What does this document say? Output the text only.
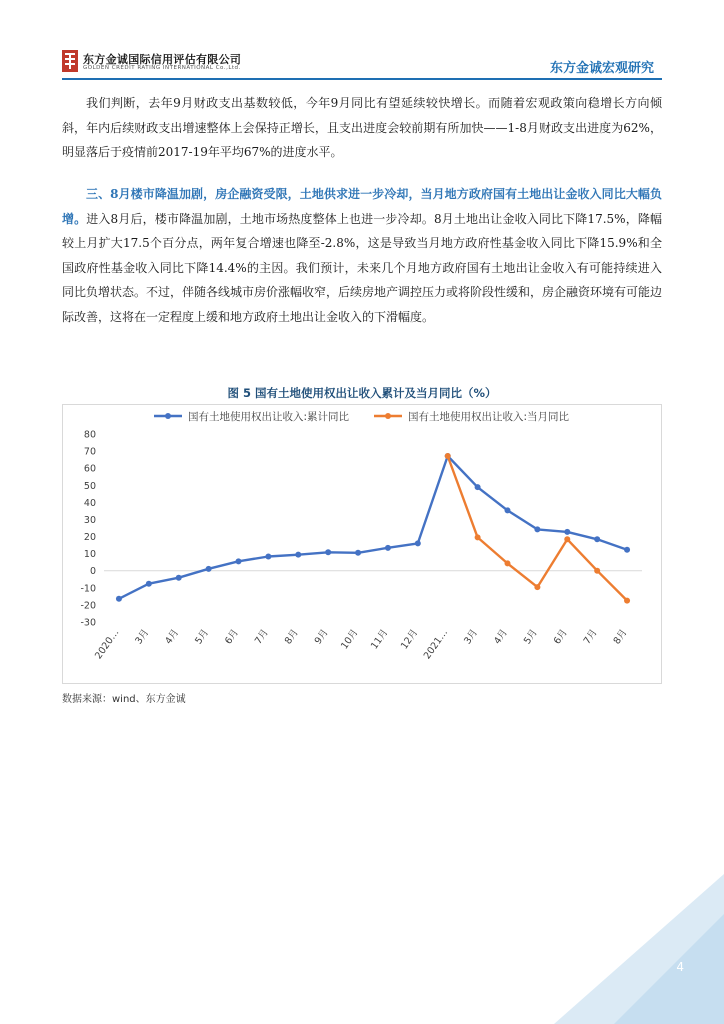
东方金诚国际信用评估有限公司
GOLDEN CREDIT RATING INTERNATIONAL Co.,Ltd.	东方金诚宏观研究
我们判断，去年9月财政支出基数较低，今年9月同比有望延续较快增长。而随着宏观政策向稳增长方向倾斜，年内后续财政支出增速整体上会保持正增长，且支出进度会较前期有所加快——1-8月财政支出进度为62%，明显落后于疫情前2017-19年平均67%的进度水平。
三、8月楼市降温加剧，房企融资受限，土地供求进一步冷却，当月地方政府国有土地出让金收入同比大幅负增。进入8月后，楼市降温加剧，土地市场热度整体上也进一步冷却。8月土地出让金收入同比下降17.5%，降幅较上月扩大17.5个百分点，两年复合增速也降至-2.8%，这是导致当月地方政府性基金收入同比下降15.9%和全国政府性基金收入同比下降14.4%的主因。我们预计，未来几个月地方政府国有土地出让金收入有可能持续进入同比负增状态。不过，伴随各线城市房价涨幅收窄，后续房地产调控压力或将阶段性缓和，房企融资环境有可能边际改善，这将在一定程度上缓和地方政府土地出让金收入的下滑幅度。
图 5 国有土地使用权出让收入累计及当月同比（%）
国有土地使用权出让收入:累计同比	国有土地使用权出让收入:当月同比
80
70
60
50
40
30
20
10
0
-10
-20
-30
2020… 3月 4月 5月 6月 7月 8月 9月 10月 11月 12月 2021… 3月 4月 5月 6月 7月 8月
数据来源：wind、东方金诚
4
